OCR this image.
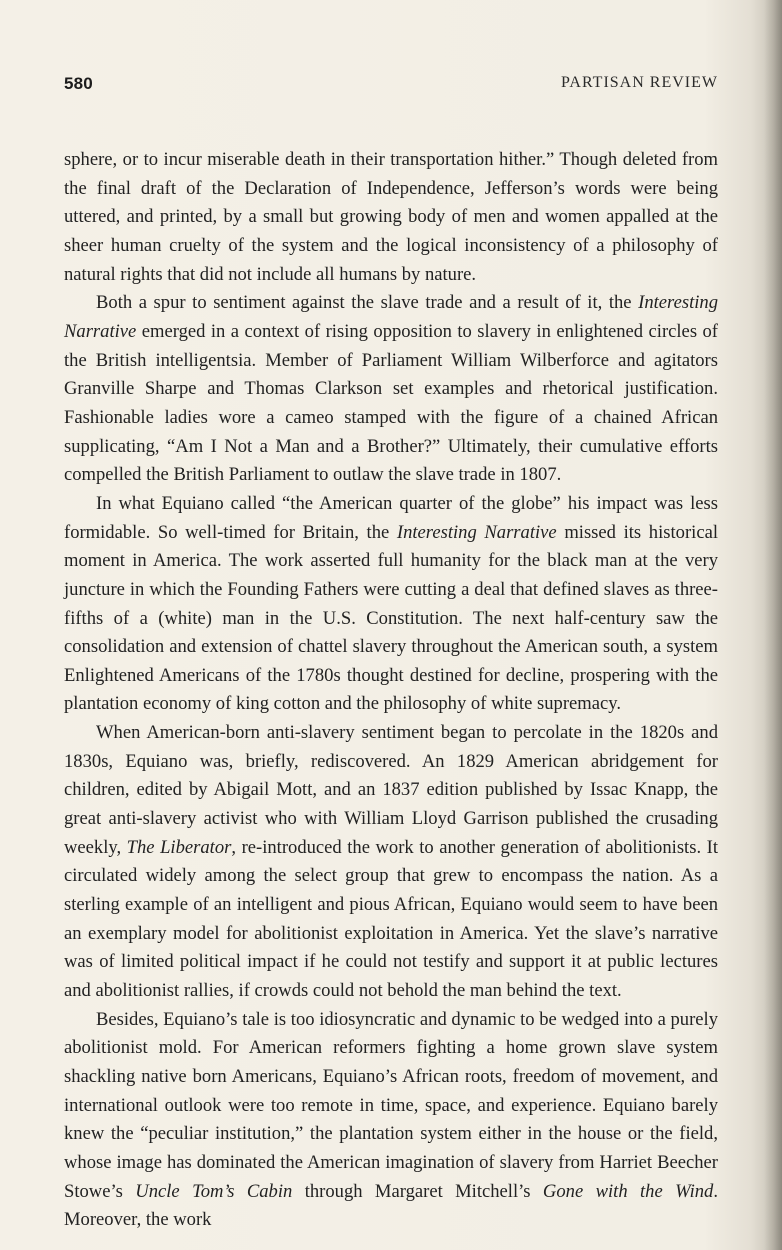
580	PARTISAN REVIEW

sphere, or to incur miserable death in their transportation hither.” Though deleted from the final draft of the Declaration of Independence, Jefferson’s words were being uttered, and printed, by a small but growing body of men and women appalled at the sheer human cruelty of the system and the logical inconsistency of a philosophy of natural rights that did not include all humans by nature.

Both a spur to sentiment against the slave trade and a result of it, the Interesting Narrative emerged in a context of rising opposition to slavery in enlightened circles of the British intelligentsia. Member of Parliament William Wilberforce and agitators Granville Sharpe and Thomas Clarkson set examples and rhetorical justification. Fashionable ladies wore a cameo stamped with the figure of a chained African supplicating, “Am I Not a Man and a Brother?” Ultimately, their cumulative efforts compelled the British Parliament to outlaw the slave trade in 1807.

In what Equiano called “the American quarter of the globe” his impact was less formidable. So well-timed for Britain, the Interesting Narrative missed its historical moment in America. The work asserted full humanity for the black man at the very juncture in which the Founding Fathers were cutting a deal that defined slaves as three-fifths of a (white) man in the U.S. Constitution. The next half-century saw the consolidation and extension of chattel slavery throughout the American south, a system Enlightened Americans of the 1780s thought destined for decline, prospering with the plantation economy of king cotton and the philosophy of white supremacy.

When American-born anti-slavery sentiment began to percolate in the 1820s and 1830s, Equiano was, briefly, rediscovered. An 1829 American abridgement for children, edited by Abigail Mott, and an 1837 edition published by Issac Knapp, the great anti-slavery activist who with William Lloyd Garrison published the crusading weekly, The Liberator, re-introduced the work to another generation of abolitionists. It circulated widely among the select group that grew to encompass the nation. As a sterling example of an intelligent and pious African, Equiano would seem to have been an exemplary model for abolitionist exploitation in America. Yet the slave’s narrative was of limited political impact if he could not testify and support it at public lectures and abolitionist rallies, if crowds could not behold the man behind the text.

Besides, Equiano’s tale is too idiosyncratic and dynamic to be wedged into a purely abolitionist mold. For American reformers fighting a home grown slave system shackling native born Americans, Equiano’s African roots, freedom of movement, and international outlook were too remote in time, space, and experience. Equiano barely knew the “peculiar institution,” the plantation system either in the house or the field, whose image has dominated the American imagination of slavery from Harriet Beecher Stowe’s Uncle Tom’s Cabin through Margaret Mitchell’s Gone with the Wind. Moreover, the work
